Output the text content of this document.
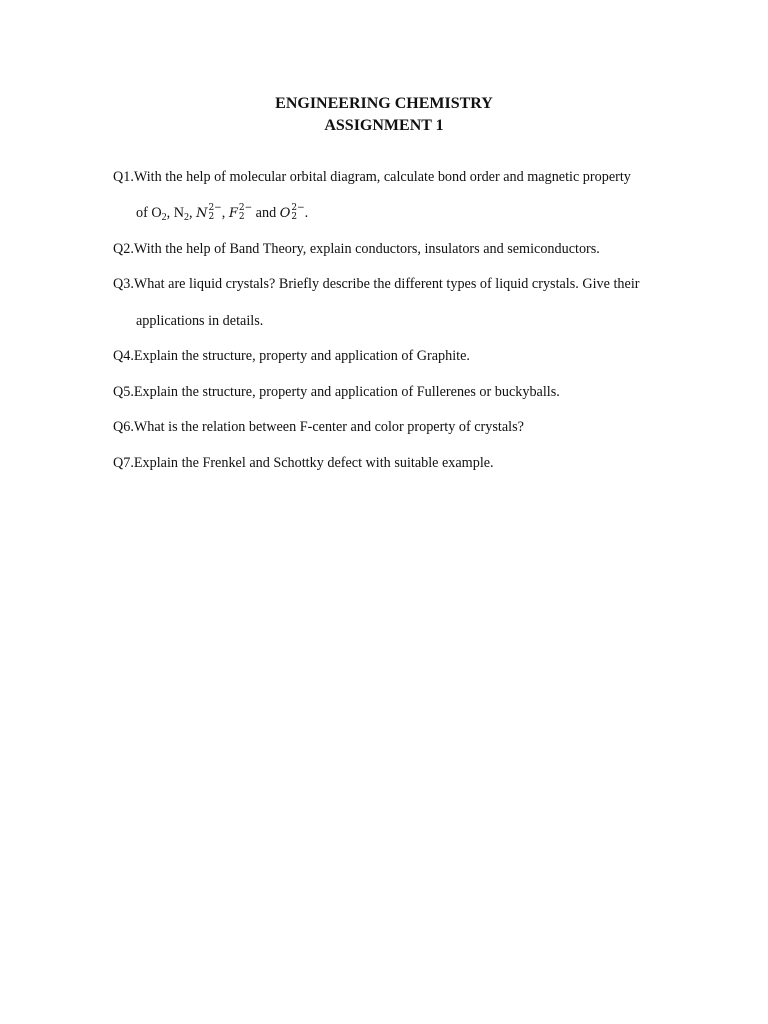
ENGINEERING CHEMISTRY
ASSIGNMENT 1
Q1.With the help of molecular orbital diagram, calculate bond order and magnetic property
of $O_2$, $N_2$, N 2−
2 , F 2−
2 and O 2−
2 .
Q2.With the help of Band Theory, explain conductors, insulators and semiconductors.
Q3.What are liquid crystals? Briefly describe the different types of liquid crystals. Give their
applications in details.
Q4.Explain the structure, property and application of Graphite.
Q5.Explain the structure, property and application of Fullerenes or buckyballs.
Q6.What is the relation between F-center and color property of crystals?
Q7.Explain the Frenkel and Schottky defect with suitable example.
